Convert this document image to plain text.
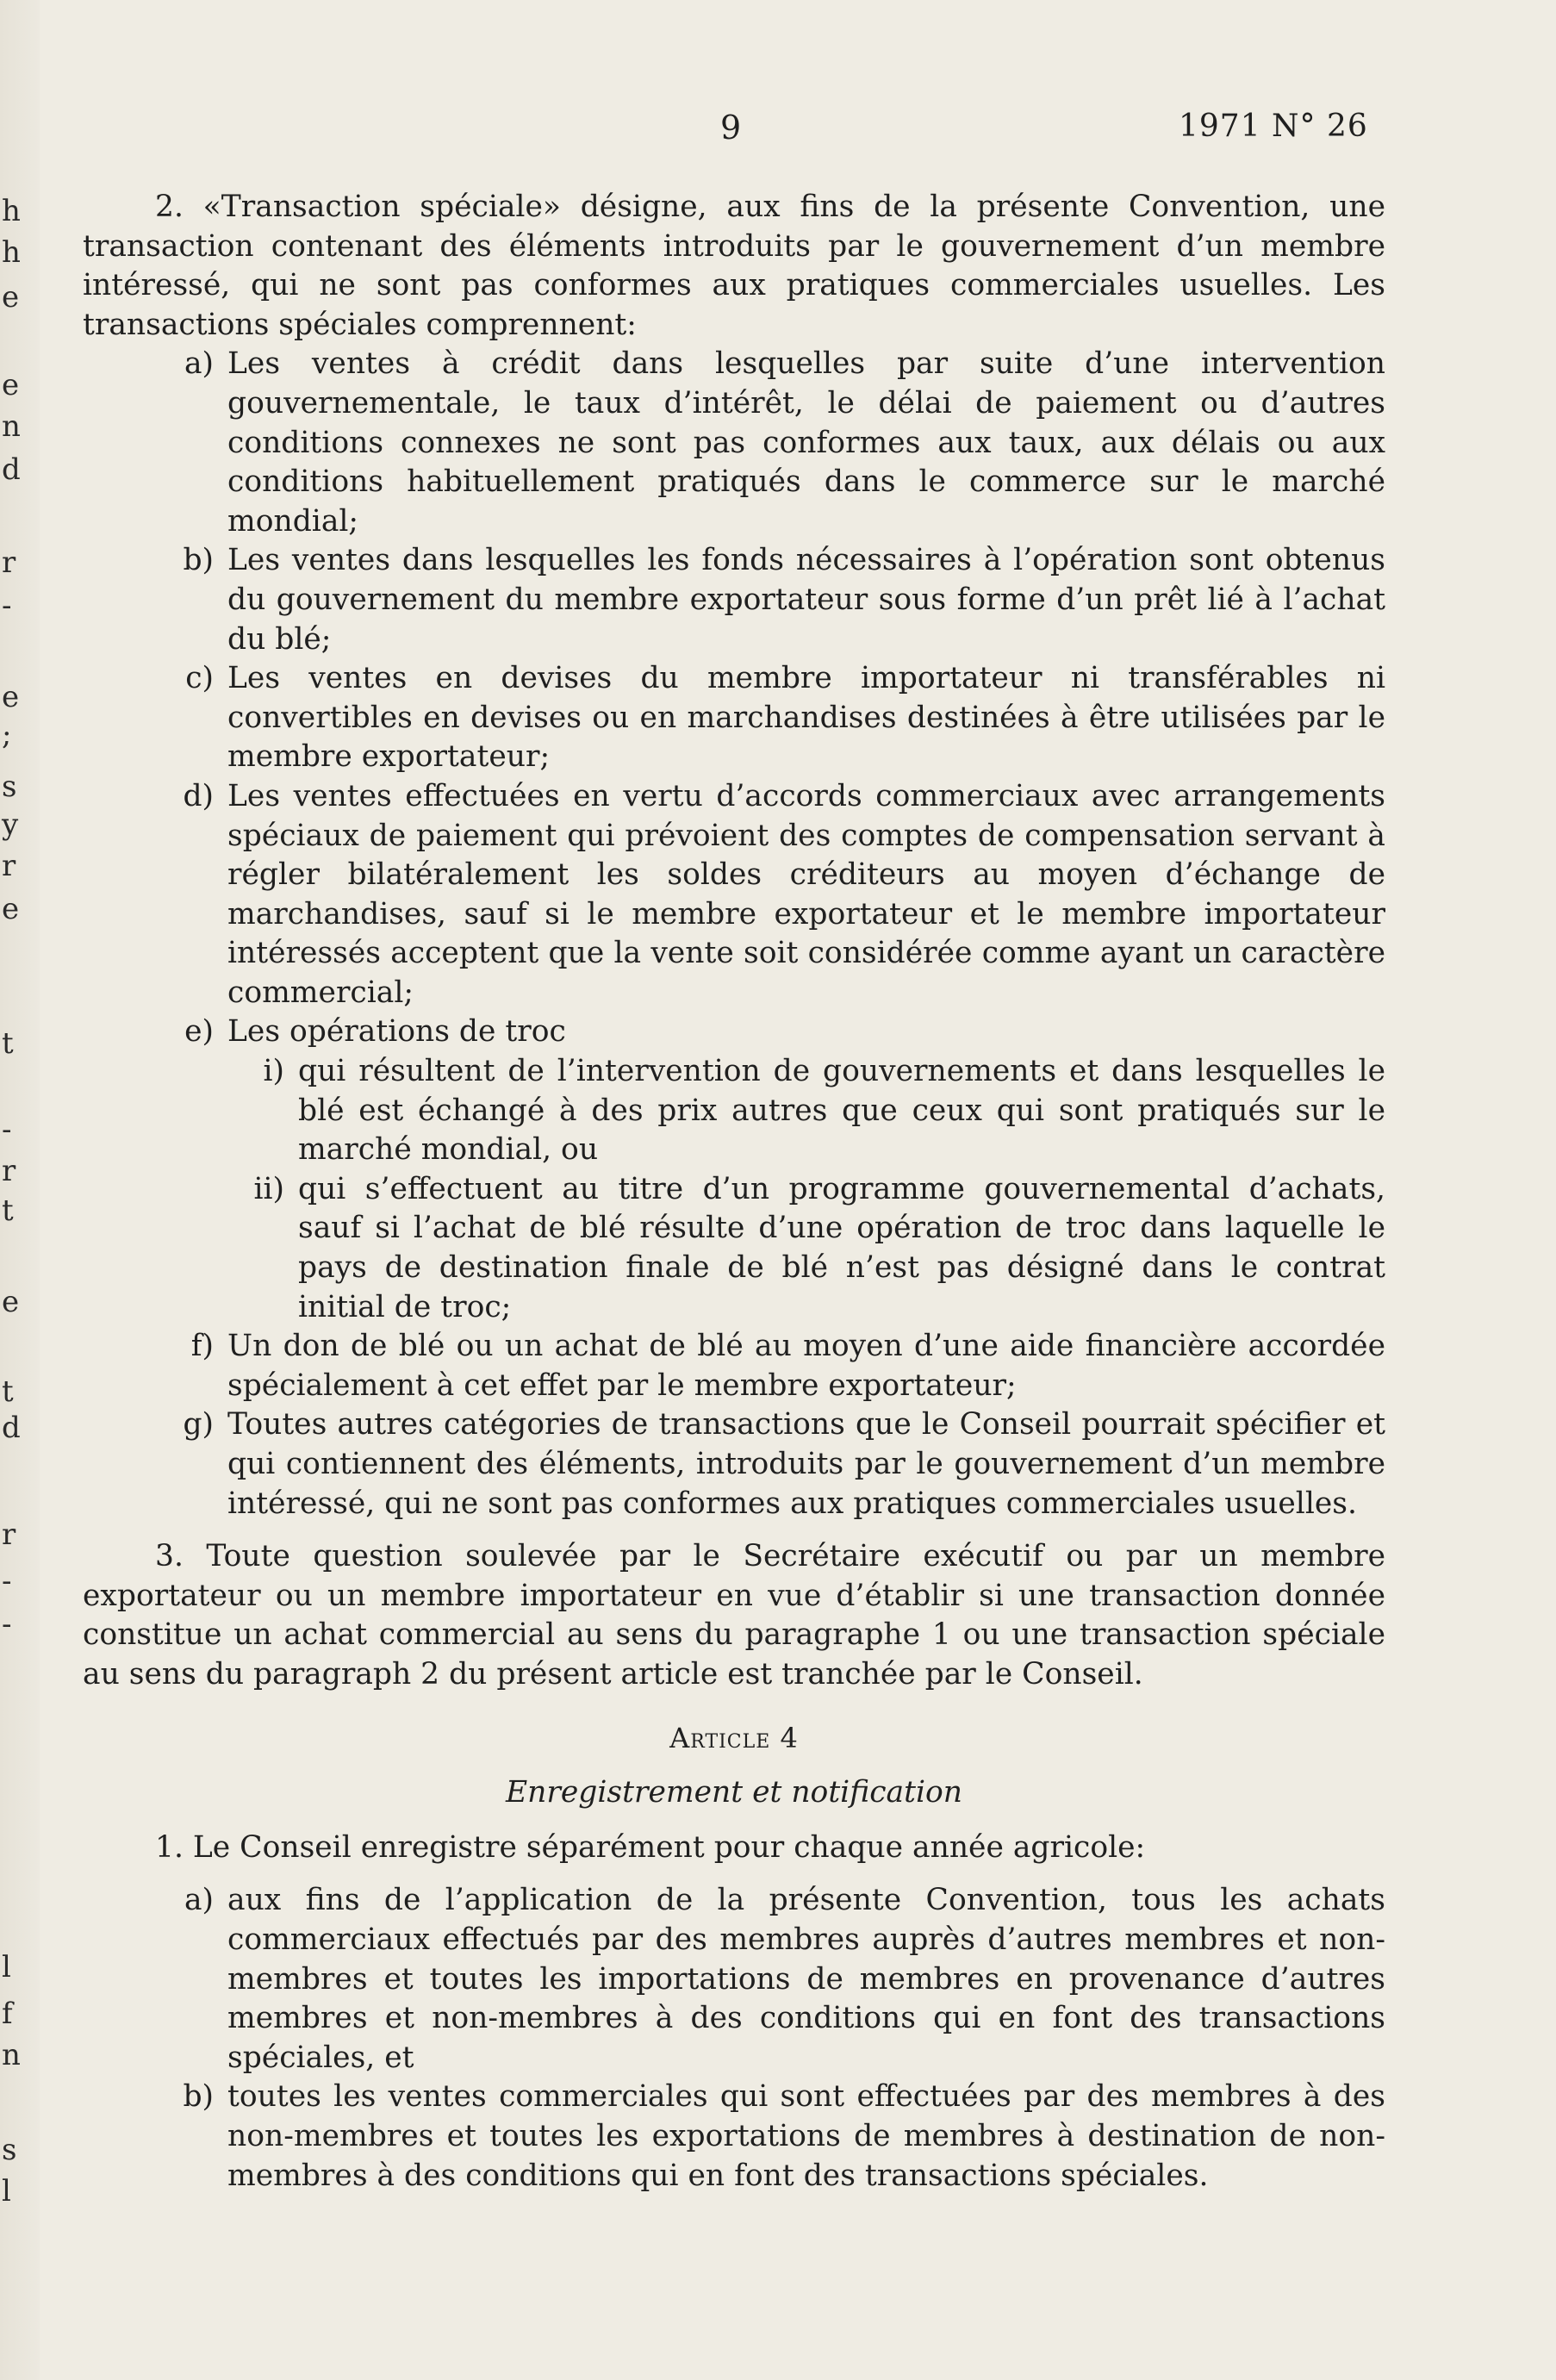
h
h
e
e
n
d
r
-
e
;
s
y
r
e
t
-
r
t
e
t
d
r
-
-
l
f
n
s
l
9	1971 N° 26

2. «Transaction spéciale» désigne, aux fins de la présente Convention, une transaction contenant des éléments introduits par le gouvernement d’un membre intéressé, qui ne sont pas conformes aux pratiques commerciales usuelles. Les transactions spéciales comprennent:

a) Les ventes à crédit dans lesquelles par suite d’une intervention gouvernementale, le taux d’intérêt, le délai de paiement ou d’autres conditions connexes ne sont pas conformes aux taux, aux délais ou aux conditions habituellement pratiqués dans le commerce sur le marché mondial;
b) Les ventes dans lesquelles les fonds nécessaires à l’opération sont obtenus du gouvernement du membre exportateur sous forme d’un prêt lié à l’achat du blé;
c) Les ventes en devises du membre importateur ni transférables ni convertibles en devises ou en marchandises destinées à être utilisées par le membre exportateur;
d) Les ventes effectuées en vertu d’accords commerciaux avec arrangements spéciaux de paiement qui prévoient des comptes de compensation servant à régler bilatéralement les soldes créditeurs au moyen d’échange de marchandises, sauf si le membre exportateur et le membre importateur intéressés acceptent que la vente soit considérée comme ayant un caractère commercial;
e) Les opérations de troc
i) qui résultent de l’intervention de gouvernements et dans lesquelles le blé est échangé à des prix autres que ceux qui sont pratiqués sur le marché mondial, ou
ii) qui s’effectuent au titre d’un programme gouvernemental d’achats, sauf si l’achat de blé résulte d’une opération de troc dans laquelle le pays de destination finale de blé n’est pas désigné dans le contrat initial de troc;
f) Un don de blé ou un achat de blé au moyen d’une aide financière accordée spécialement à cet effet par le membre exportateur;
g) Toutes autres catégories de transactions que le Conseil pourrait spécifier et qui contiennent des éléments, introduits par le gouvernement d’un membre intéressé, qui ne sont pas conformes aux pratiques commerciales usuelles.

3. Toute question soulevée par le Secrétaire exécutif ou par un membre exportateur ou un membre importateur en vue d’établir si une transaction donnée constitue un achat commercial au sens du paragraphe 1 ou une transaction spéciale au sens du paragraph 2 du présent article est tranchée par le Conseil.

Article 4
Enregistrement et notification

1. Le Conseil enregistre séparément pour chaque année agricole:

a) aux fins de l’application de la présente Convention, tous les achats commerciaux effectués par des membres auprès d’autres membres et non-membres et toutes les importations de membres en provenance d’autres membres et non-membres à des conditions qui en font des transactions spéciales, et
b) toutes les ventes commerciales qui sont effectuées par des membres à des non-membres et toutes les exportations de membres à destination de non-membres à des conditions qui en font des transactions spéciales.
